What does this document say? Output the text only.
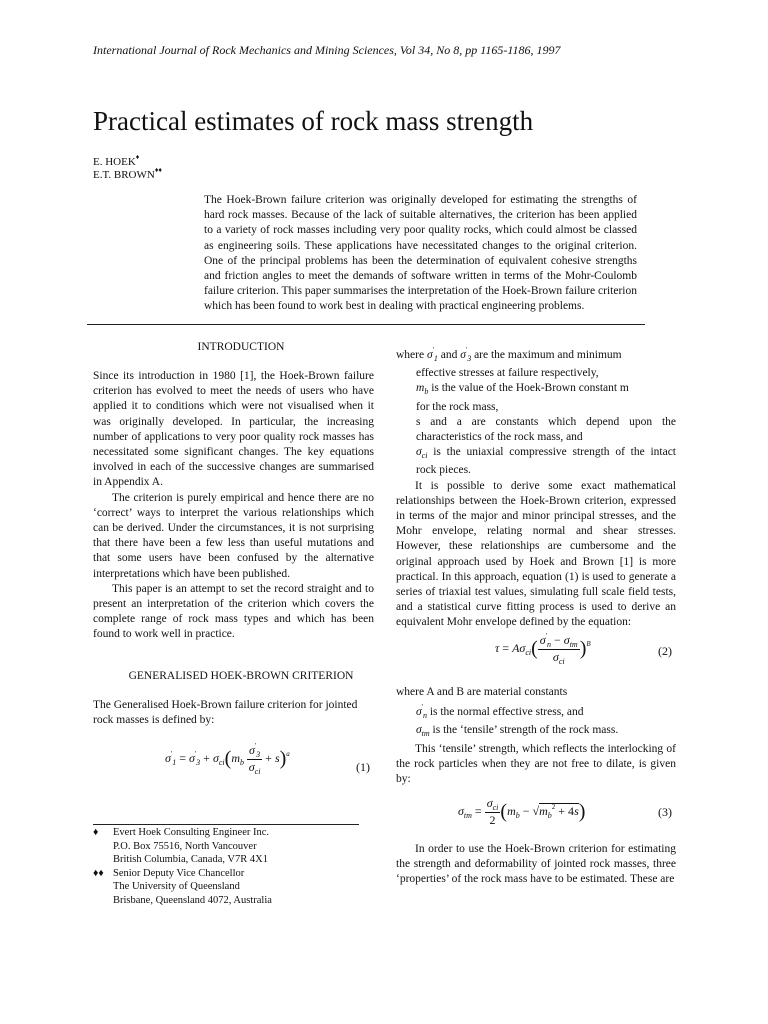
International Journal of Rock Mechanics and Mining Sciences, Vol 34, No 8, pp 1165-1186, 1997
Practical estimates of rock mass strength
E. HOEK♦
E.T. BROWN♦♦
The Hoek-Brown failure criterion was originally developed for estimating the strengths of hard rock masses. Because of the lack of suitable alternatives, the criterion has been applied to a variety of rock masses including very poor quality rocks, which could almost be classed as engineering soils. These applications have necessitated changes to the original criterion. One of the principal problems has been the determination of equivalent cohesive strengths and friction angles to meet the demands of software written in terms of the Mohr-Coulomb failure criterion. This paper summarises the interpretation of the Hoek-Brown failure criterion which has been found to work best in dealing with practical engineering problems.
INTRODUCTION

Since its introduction in 1980 [1], the Hoek-Brown failure criterion has evolved to meet the needs of users who have applied it to conditions which were not visualised when it was originally developed. In particular, the increasing number of applications to very poor quality rock masses has necessitated some significant changes. The key equations involved in each of the successive changes are summarised in Appendix A.

The criterion is purely empirical and hence there are no ‘correct’ ways to interpret the various relationships which can be derived. Under the circumstances, it is not surprising that there have been a few less than useful mutations and that some users have been confused by the alternative interpretations which have been published.

This paper is an attempt to set the record straight and to present an interpretation of the criterion which covers the complete range of rock mass types and which has been found to work well in practice.

GENERALISED HOEK-BROWN CRITERION
The Generalised Hoek-Brown failure criterion for jointed rock masses is defined by:
$\sigma'_1 = \sigma'_3 + \sigma_{ci}(m_b \frac{\sigma'_3}{\sigma_{ci}} + s)^a$
(1)
♦ Evert Hoek Consulting Engineer Inc.
P.O. Box 75516, North Vancouver
British Columbia, Canada, V7R 4X1
♦♦ Senior Deputy Vice Chancellor
The University of Queensland
Brisbane, Queensland 4072, Australia

where $\sigma'_1$ and $\sigma'_3$ are the maximum and minimum

effective stresses at failure respectively,

$m_b$ is the value of the Hoek-Brown constant m

for the rock mass,

s and a are constants which depend upon the characteristics of the rock mass, and

$\sigma_{ci}$ is the uniaxial compressive strength of the intact rock pieces.

It is possible to derive some exact mathematical relationships between the Hoek-Brown criterion, expressed in terms of the major and minor principal stresses, and the Mohr envelope, relating normal and shear stresses. However, these relationships are cumbersome and the original approach used by Hoek and Brown [1] is more practical. In this approach, equation (1) is used to generate a series of triaxial test values, simulating full scale field tests, and a statistical curve fitting process is used to derive an equivalent Mohr envelope defined by the equation:

$\tau = A\sigma_{ci}( \frac{\sigma'_n - \sigma_{tm}}{\sigma_{ci}} )^B$
(2)

where A and B are material constants

$\sigma'_n$ is the normal effective stress, and

$\sigma_{tm}$ is the ‘tensile’ strength of the rock mass.

This ‘tensile’ strength, which reflects the interlocking of the rock particles when they are not free to dilate, is given by:

$\sigma_{tm} = \frac{\sigma_{ci}}{2} (m_b - √m_b^2 + 4s)$	(3)

In order to use the Hoek-Brown criterion for estimating the strength and deformability of jointed rock masses, three ‘properties’ of the rock mass have to be estimated. These are
